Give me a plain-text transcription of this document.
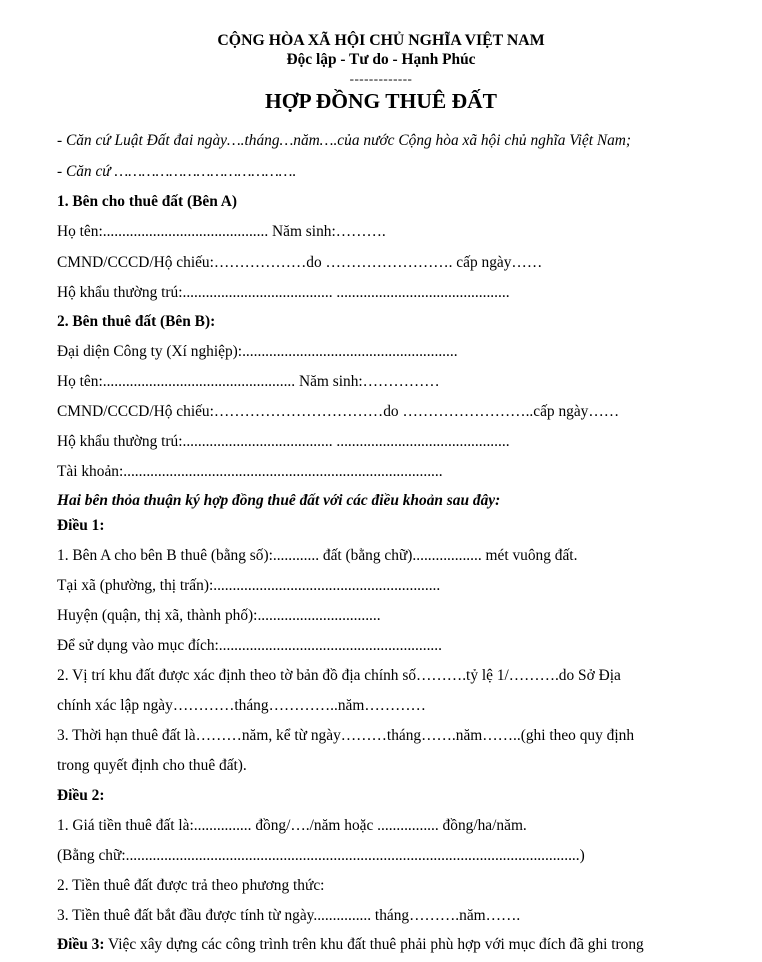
CỘNG HÒA XÃ HỘI CHỦ NGHĨA VIỆT NAM
Độc lập - Tư do - Hạnh Phúc
-------------
HỢP ĐỒNG THUÊ ĐẤT
- Căn cứ Luật Đất đai ngày….tháng…năm….của nước Cộng hòa xã hội chủ nghĩa Việt Nam;
- Căn cứ ………………………………….
1. Bên cho thuê đất (Bên A)
Họ tên:........................................... Năm sinh:……….
CMND/CCCD/Hộ chiếu:………………do ……………………. cấp ngày……
Hộ khẩu thường trú:....................................... .............................................
2. Bên thuê đất (Bên B):
Đại diện Công ty (Xí nghiệp):........................................................
Họ tên:.................................................. Năm sinh:……………
CMND/CCCD/Hộ chiếu:……………………………do ……………………..cấp ngày……
Hộ khẩu thường trú:....................................... .............................................
Tài khoản:...................................................................................
Hai bên thỏa thuận ký hợp đồng thuê đất với các điều khoản sau đây:
Điều 1:
1. Bên A cho bên B thuê (bằng số):............ đất (bằng chữ).................. mét vuông đất.
Tại xã (phường, thị trấn):...........................................................
Huyện (quận, thị xã, thành phố):................................
Để sử dụng vào mục đích:..........................................................
2. Vị trí khu đất được xác định theo tờ bản đồ địa chính số……….tỷ lệ 1/……….do Sở Địa
chính xác lập ngày…………tháng…………..năm…………
3. Thời hạn thuê đất là………năm, kể từ ngày………tháng…….năm……..(ghi theo quy định
trong quyết định cho thuê đất).
Điều 2:
1. Giá tiền thuê đất là:............... đồng/…./năm hoặc ................ đồng/ha/năm.
(Bằng chữ:......................................................................................................................)
2. Tiền thuê đất được trả theo phương thức:
3. Tiền thuê đất bắt đầu được tính từ ngày............... tháng……….năm…….
Điều 3: Việc xây dựng các công trình trên khu đất thuê phải phù hợp với mục đích đã ghi trong
